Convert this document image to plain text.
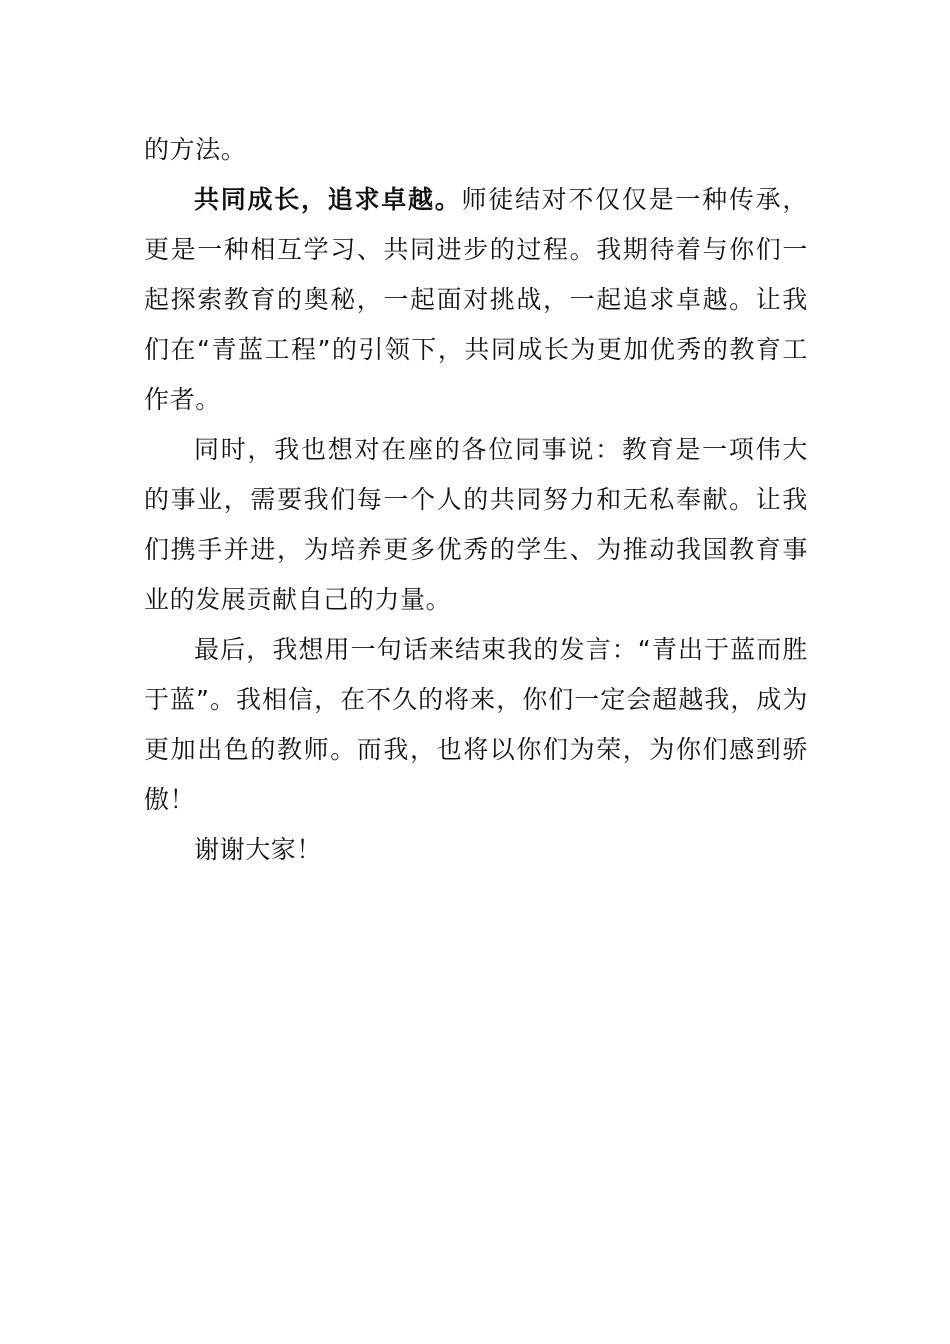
的方法。

共同成长，追求卓越。师徒结对不仅仅是一种传承，更是一种相互学习、共同进步的过程。我期待着与你们一起探索教育的奥秘，一起面对挑战，一起追求卓越。让我们在“青蓝工程”的引领下，共同成长为更加优秀的教育工作者。

同时，我也想对在座的各位同事说：教育是一项伟大的事业，需要我们每一个人的共同努力和无私奉献。让我们携手并进，为培养更多优秀的学生、为推动我国教育事业的发展贡献自己的力量。

最后，我想用一句话来结束我的发言：“青出于蓝而胜于蓝”。我相信，在不久的将来，你们一定会超越我，成为更加出色的教师。而我，也将以你们为荣，为你们感到骄傲！

谢谢大家！
